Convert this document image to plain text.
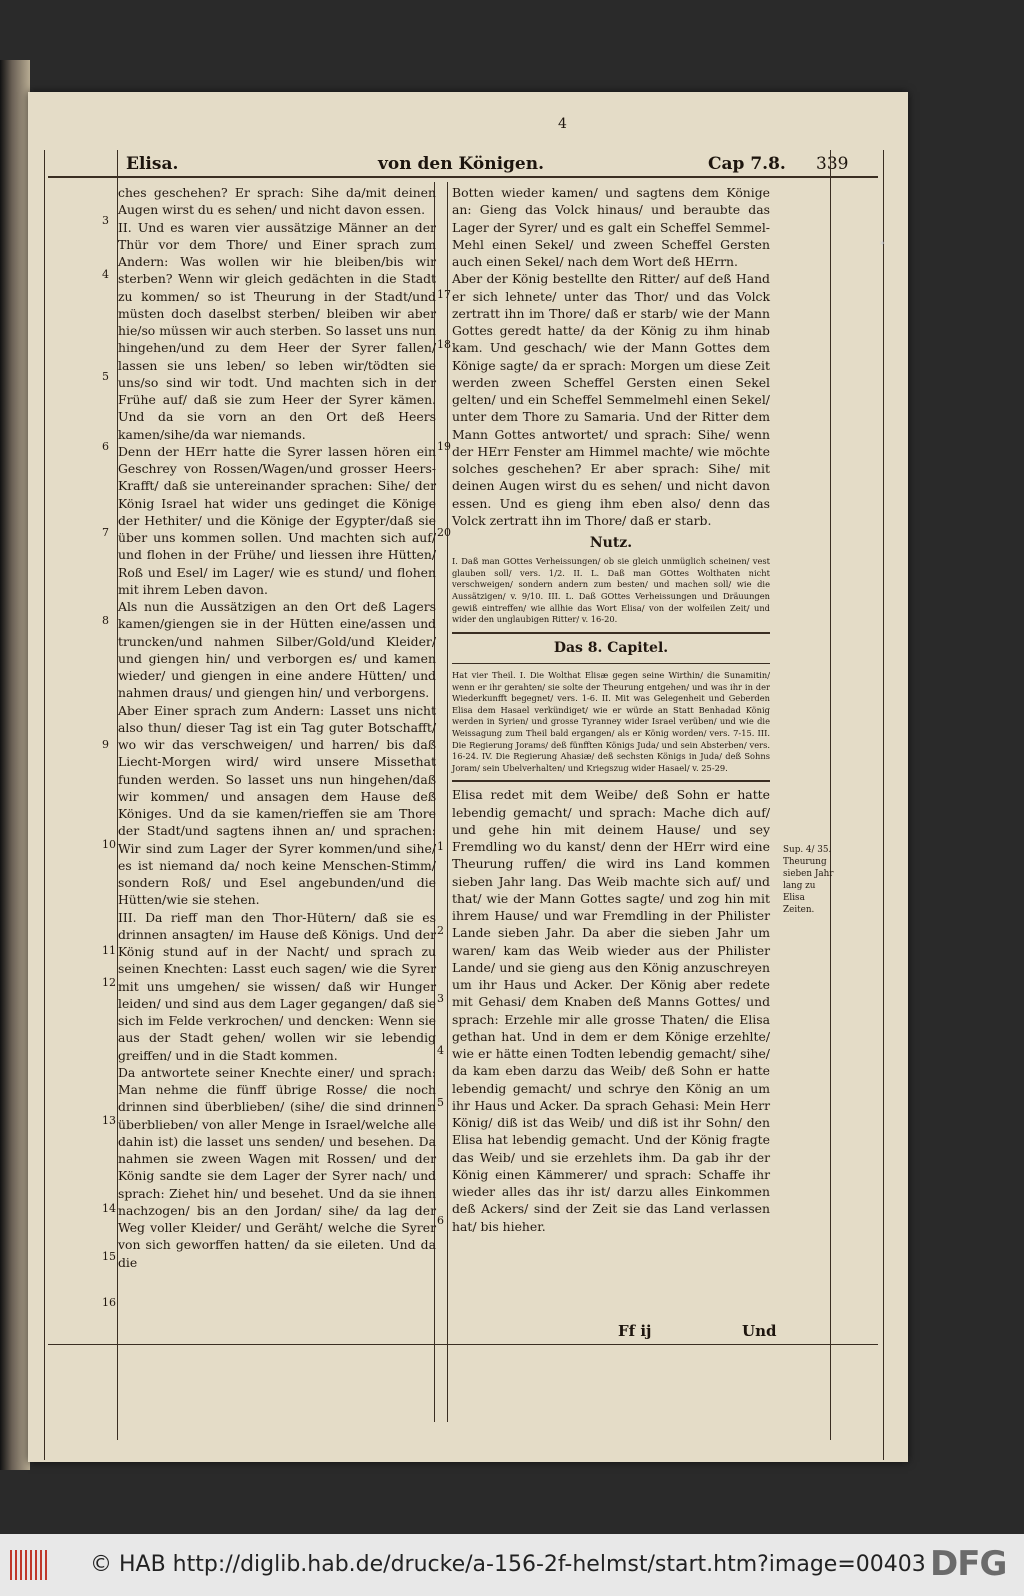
4
Elisa.	von den Königen.	Cap 7.8. 339
3
4
5
6
7
8
9
10
11
12
13
14
15
16

ches geschehen? Er sprach: Sihe da/mit deinen Augen wirst du es sehen/ und nicht davon essen.

II. Und es waren vier aussätzige Männer an der Thür vor dem Thore/ und Einer sprach zum Andern: Was wollen wir hie bleiben/bis wir sterben? Wenn wir gleich gedächten in die Stadt zu kommen/ so ist Theurung in der Stadt/und müsten doch daselbst sterben/ bleiben wir aber hie/so müssen wir auch sterben. So lasset uns nun hingehen/und zu dem Heer der Syrer fallen/ lassen sie uns leben/ so leben wir/tödten sie uns/so sind wir todt. Und machten sich in der Frühe auf/ daß sie zum Heer der Syrer kämen. Und da sie vorn an den Ort deß Heers kamen/sihe/da war niemands.

Denn der HErr hatte die Syrer lassen hören ein Geschrey von Rossen/Wagen/und grosser Heers-Krafft/ daß sie untereinander sprachen: Sihe/ der König Israel hat wider uns gedinget die Könige der Hethiter/ und die Könige der Egypter/daß sie über uns kommen sollen. Und machten sich auf/ und flohen in der Frühe/ und liessen ihre Hütten/ Roß und Esel/ im Lager/ wie es stund/ und flohen mit ihrem Leben davon.

Als nun die Aussätzigen an den Ort deß Lagers kamen/giengen sie in der Hütten eine/assen und truncken/und nahmen Silber/Gold/und Kleider/ und giengen hin/ und verborgen es/ und kamen wieder/ und giengen in eine andere Hütten/ und nahmen draus/ und giengen hin/ und verborgens.

Aber Einer sprach zum Andern: Lasset uns nicht also thun/ dieser Tag ist ein Tag guter Botschafft/ wo wir das verschweigen/ und harren/ bis daß Liecht-Morgen wird/ wird unsere Missethat funden werden. So lasset uns nun hingehen/daß wir kommen/ und ansagen dem Hause deß Königes. Und da sie kamen/rieffen sie am Thore der Stadt/und sagtens ihnen an/ und sprachen: Wir sind zum Lager der Syrer kommen/und sihe/ es ist niemand da/ noch keine Menschen-Stimm/ sondern Roß/ und Esel angebunden/und die Hütten/wie sie stehen.

III. Da rieff man den Thor-Hütern/ daß sie es drinnen ansagten/ im Hause deß Königs. Und der König stund auf in der Nacht/ und sprach zu seinen Knechten: Lasst euch sagen/ wie die Syrer mit uns umgehen/ sie wissen/ daß wir Hunger leiden/ und sind aus dem Lager gegangen/ daß sie sich im Felde verkrochen/ und dencken: Wenn sie aus der Stadt gehen/ wollen wir sie lebendig greiffen/ und in die Stadt kommen.

Da antwortete seiner Knechte einer/ und sprach: Man nehme die fünff übrige Rosse/ die noch drinnen sind überblieben/ (sihe/ die sind drinnen überblieben/ von aller Menge in Israel/welche alle dahin ist) die lasset uns senden/ und besehen. Da nahmen sie zween Wagen mit Rossen/ und der König sandte sie dem Lager der Syrer nach/ und sprach: Ziehet hin/ und besehet. Und da sie ihnen nachzogen/ bis an den Jordan/ sihe/ da lag der Weg voller Kleider/ und Geräht/ welche die Syrer von sich geworffen hatten/ da sie eileten. Und da die

17
18
19
20
1
2
3
4
5
6

Botten wieder kamen/ und sagtens dem Könige an: Gieng das Volck hinaus/ und beraubte das Lager der Syrer/ und es galt ein Scheffel Semmel-Mehl einen Sekel/ und zween Scheffel Gersten auch einen Sekel/ nach dem Wort deß HErrn.

Aber der König bestellte den Ritter/ auf deß Hand er sich lehnete/ unter das Thor/ und das Volck zertratt ihn im Thore/ daß er starb/ wie der Mann Gottes geredt hatte/ da der König zu ihm hinab kam. Und geschach/ wie der Mann Gottes dem Könige sagte/ da er sprach: Morgen um diese Zeit werden zween Scheffel Gersten einen Sekel gelten/ und ein Scheffel Semmelmehl einen Sekel/ unter dem Thore zu Samaria. Und der Ritter dem Mann Gottes antwortet/ und sprach: Sihe/ wenn der HErr Fenster am Himmel machte/ wie möchte solches geschehen? Er aber sprach: Sihe/ mit deinen Augen wirst du es sehen/ und nicht davon essen. Und es gieng ihm eben also/ denn das Volck zertratt ihn im Thore/ daß er starb.

Nutz.

I. Daß man GOttes Verheissungen/ ob sie gleich unmüglich scheinen/ vest glauben soll/ vers. 1/2. II. L. Daß man GOttes Wolthaten nicht verschweigen/ sondern andern zum besten/ und machen soll/ wie die Aussätzigen/ v. 9/10. III. L. Daß GOttes Verheissungen und Dräuungen gewiß eintreffen/ wie allhie das Wort Elisa/ von der wolfeilen Zeit/ und wider den unglaubigen Ritter/ v. 16-20.

Das 8. Capitel.

Hat vier Theil. I. Die Wolthat Elisæ gegen seine Wirthin/ die Sunamitin/ wenn er ihr gerahten/ sie solte der Theurung entgehen/ und was ihr in der Wiederkunfft begegnet/ vers. 1-6. II. Mit was Gelegenheit und Geberden Elisa dem Hasael verkündiget/ wie er würde an Statt Benhadad König werden in Syrien/ und grosse Tyranney wider Israel verüben/ und wie die Weissagung zum Theil bald ergangen/ als er König worden/ vers. 7-15. III. Die Regierung Jorams/ deß fünfften Königs Juda/ und sein Absterben/ vers. 16-24. IV. Die Regierung Ahasiæ/ deß sechsten Königs in Juda/ deß Sohns Joram/ sein Ubelverhalten/ und Kriegszug wider Hasael/ v. 25-29.

Elisa redet mit dem Weibe/ deß Sohn er hatte lebendig gemacht/ und sprach: Mache dich auf/ und gehe hin mit deinem Hause/ und sey Fremdling wo du kanst/ denn der HErr wird eine Theurung ruffen/ die wird ins Land kommen sieben Jahr lang. Das Weib machte sich auf/ und that/ wie der Mann Gottes sagte/ und zog hin mit ihrem Hause/ und war Fremdling in der Philister Lande sieben Jahr. Da aber die sieben Jahr um waren/ kam das Weib wieder aus der Philister Lande/ und sie gieng aus den König anzuschreyen um ihr Haus und Acker. Der König aber redete mit Gehasi/ dem Knaben deß Manns Gottes/ und sprach: Erzehle mir alle grosse Thaten/ die Elisa gethan hat. Und in dem er dem Könige erzehlte/ wie er hätte einen Todten lebendig gemacht/ sihe/ da kam eben darzu das Weib/ deß Sohn er hatte lebendig gemacht/ und schrye den König an um ihr Haus und Acker. Da sprach Gehasi: Mein Herr König/ diß ist das Weib/ und diß ist ihr Sohn/ den Elisa hat lebendig gemacht. Und der König fragte das Weib/ und sie erzehlets ihm. Da gab ihr der König einen Kämmerer/ und sprach: Schaffe ihr wieder alles das ihr ist/ darzu alles Einkommen deß Ackers/ sind der Zeit sie das Land verlassen hat/ bis hieher.

Sup. 4/ 35. Theurung sieben Jahr lang zu Elisa Zeiten.
Ff ij	Und
*
© HAB http://diglib.hab.de/drucke/a-156-2f-helmst/start.htm?image=00403 DFG
